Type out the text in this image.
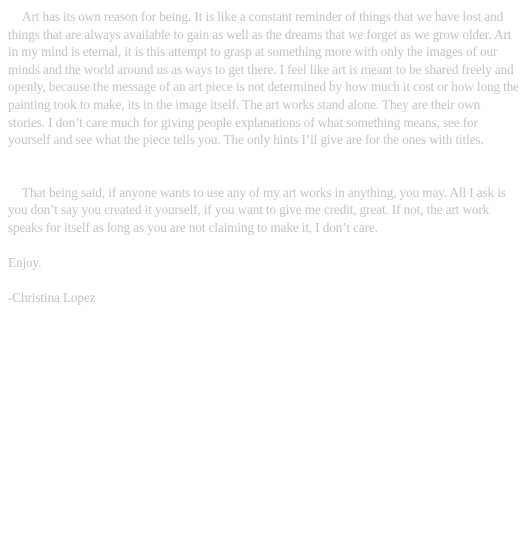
Art has its own reason for being. It is like a constant reminder of things that we have lost and things that are always available to gain as well as the dreams that we forget as we grow older. Art in my mind is eternal, it is this attempt to grasp at something more with only the images of our minds and the world around us as ways to get there. I feel like art is meant to be shared freely and openly, because the message of an art piece is not determined by how much it cost or how long the painting took to make, its in the image itself. The art works stand alone. They are their own stories. I don’t care much for giving people explanations of what something means, see for yourself and see what the piece tells you. The only hints I’ll give are for the ones with titles.

That being said, if anyone wants to use any of my art works in anything, you may. All I ask is you don’t say you created it yourself, if you want to give me credit, great. If not, the art work speaks for itself as long as you are not claiming to make it, I don’t care.

Enjoy.

-Christina Lopez
